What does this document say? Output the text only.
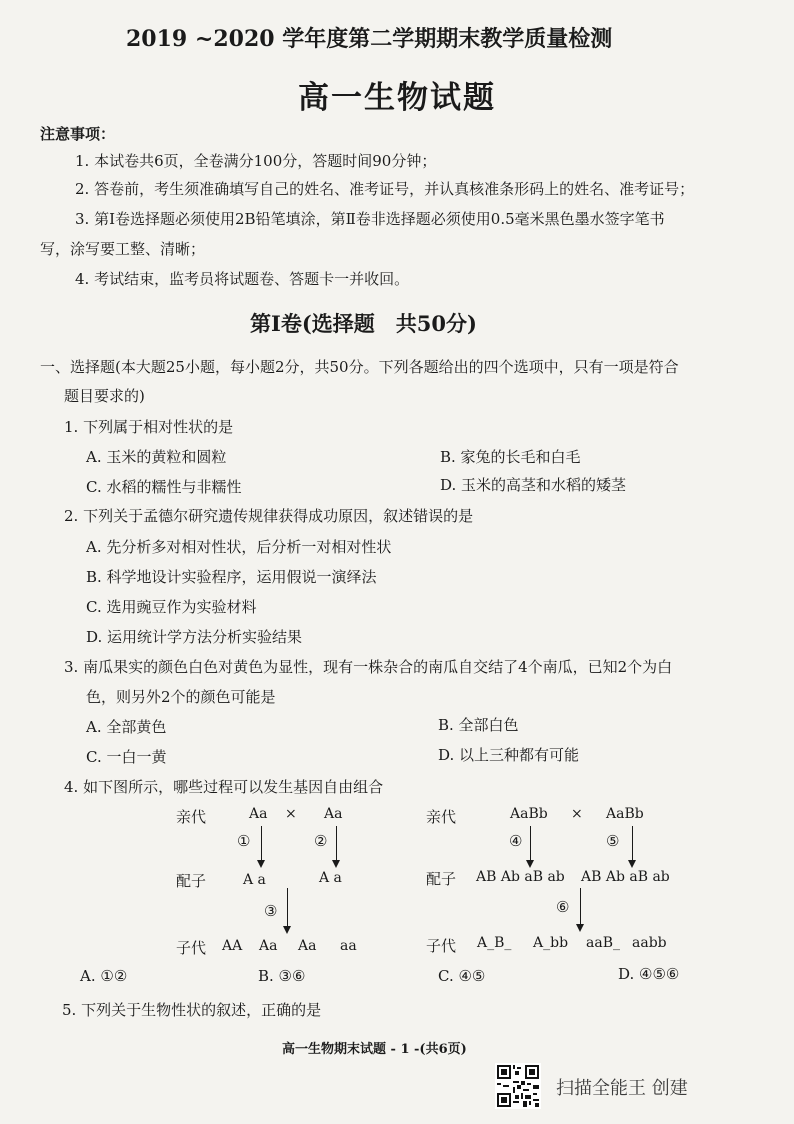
2019 ~2020 学年度第二学期期末教学质量检测
高一生物试题
注意事项：
1. 本试卷共6页，全卷满分100分，答题时间90分钟；
2. 答卷前，考生须准确填写自己的姓名、准考证号，并认真核准条形码上的姓名、准考证号；
3. 第Ⅰ卷选择题必须使用2B铅笔填涂，第Ⅱ卷非选择题必须使用0.5毫米黑色墨水签字笔书
写，涂写要工整、清晰；
4. 考试结束，监考员将试题卷、答题卡一并收回。
第Ⅰ卷(选择题　共50分)
一、选择题(本大题25小题，每小题2分，共50分。下列各题给出的四个选项中，只有一项是符合
题目要求的)
1. 下列属于相对性状的是
A. 玉米的黄粒和圆粒	B. 家兔的长毛和白毛
C. 水稻的糯性与非糯性	D. 玉米的高茎和水稻的矮茎
2. 下列关于孟德尔研究遗传规律获得成功原因，叙述错误的是
A. 先分析多对相对性状，后分析一对相对性状
B. 科学地设计实验程序，运用假说一演绎法
C. 选用豌豆作为实验材料
D. 运用统计学方法分析实验结果
3. 南瓜果实的颜色白色对黄色为显性，现有一株杂合的南瓜自交结了4个南瓜，已知2个为白
色，则另外2个的颜色可能是
A. 全部黄色	B. 全部白色
C. 一白一黄	D. 以上三种都有可能
4. 如下图所示，哪些过程可以发生基因自由组合
亲代	Aa × Aa
①	②
配子	A a	A a
③
子代 AA Aa Aa aa
亲代	AaBb × AaBb
④	⑤
配子 AB Ab aB ab AB Ab aB ab
⑥
子代 A_B_ A_bb aaB_ aabb
A. ①②	B. ③⑥	C. ④⑤	D. ④⑤⑥
5. 下列关于生物性状的叙述，正确的是
高一生物期末试题 - 1 -(共6页)
扫描全能王 创建
